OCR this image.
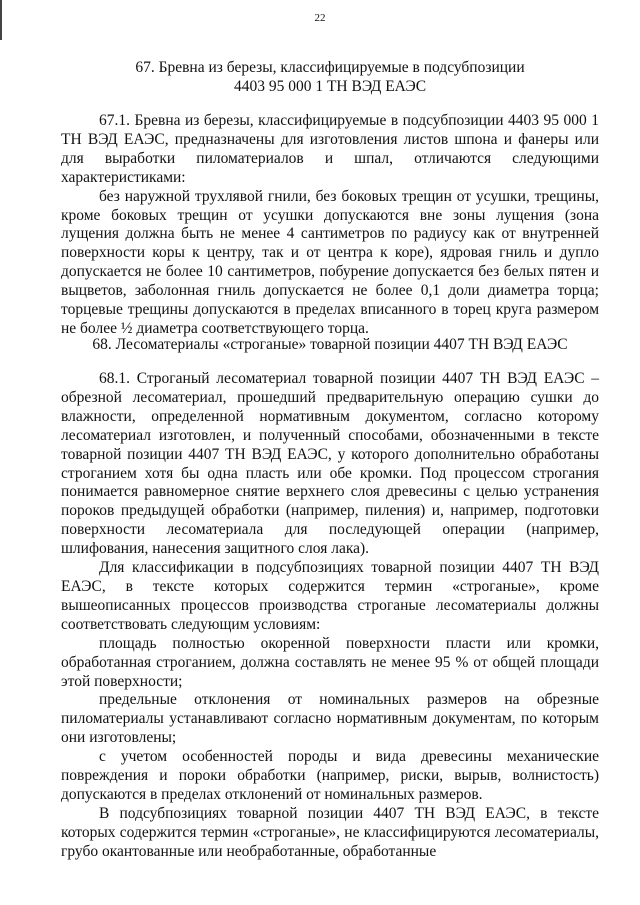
22
67. Бревна из березы, классифицируемые в подсубпозиции
4403 95 000 1 ТН ВЭД ЕАЭС

67.1. Бревна из березы, классифицируемые в подсубпозиции 4403 95 000 1 ТН ВЭД ЕАЭС, предназначены для изготовления листов шпона и фанеры или для выработки пиломатериалов и шпал, отличаются следующими характеристиками:

без наружной трухлявой гнили, без боковых трещин от усушки, трещины, кроме боковых трещин от усушки допускаются вне зоны лущения (зона лущения должна быть не менее 4 сантиметров по радиусу как от внутренней поверхности коры к центру, так и от центра к коре), ядровая гниль и дупло допускается не более 10 сантиметров, побурение допускается без белых пятен и выцветов, заболонная гниль допускается не более 0,1 доли диаметра торца; торцевые трещины допускаются в пределах вписанного в торец круга размером не более ½ диаметра соответствующего торца.

68. Лесоматериалы «строганые» товарной позиции 4407 ТН ВЭД ЕАЭС

68.1. Строганый лесоматериал товарной позиции 4407 ТН ВЭД ЕАЭС – обрезной лесоматериал, прошедший предварительную операцию сушки до влажности, определенной нормативным документом, согласно которому лесоматериал изготовлен, и полученный способами, обозначенными в тексте товарной позиции 4407 ТН ВЭД ЕАЭС, у которого дополнительно обработаны строганием хотя бы одна пласть или обе кромки. Под процессом строгания понимается равномерное снятие верхнего слоя древесины с целью устранения пороков предыдущей обработки (например, пиления) и, например, подготовки поверхности лесоматериала для последующей операции (например, шлифования, нанесения защитного слоя лака).

Для классификации в подсубпозициях товарной позиции 4407 ТН ВЭД ЕАЭС, в тексте которых содержится термин «строганые», кроме вышеописанных процессов производства строганые лесоматериалы должны соответствовать следующим условиям:

площадь полностью окоренной поверхности пласти или кромки, обработанная строганием, должна составлять не менее 95 % от общей площади этой поверхности;

предельные отклонения от номинальных размеров на обрезные пиломатериалы устанавливают согласно нормативным документам, по которым они изготовлены;

с учетом особенностей породы и вида древесины механические повреждения и пороки обработки (например, риски, вырыв, волнистость) допускаются в пределах отклонений от номинальных размеров.

В подсубпозициях товарной позиции 4407 ТН ВЭД ЕАЭС, в тексте которых содержится термин «строганые», не классифицируются лесоматериалы, грубо окантованные или необработанные, обработанные
